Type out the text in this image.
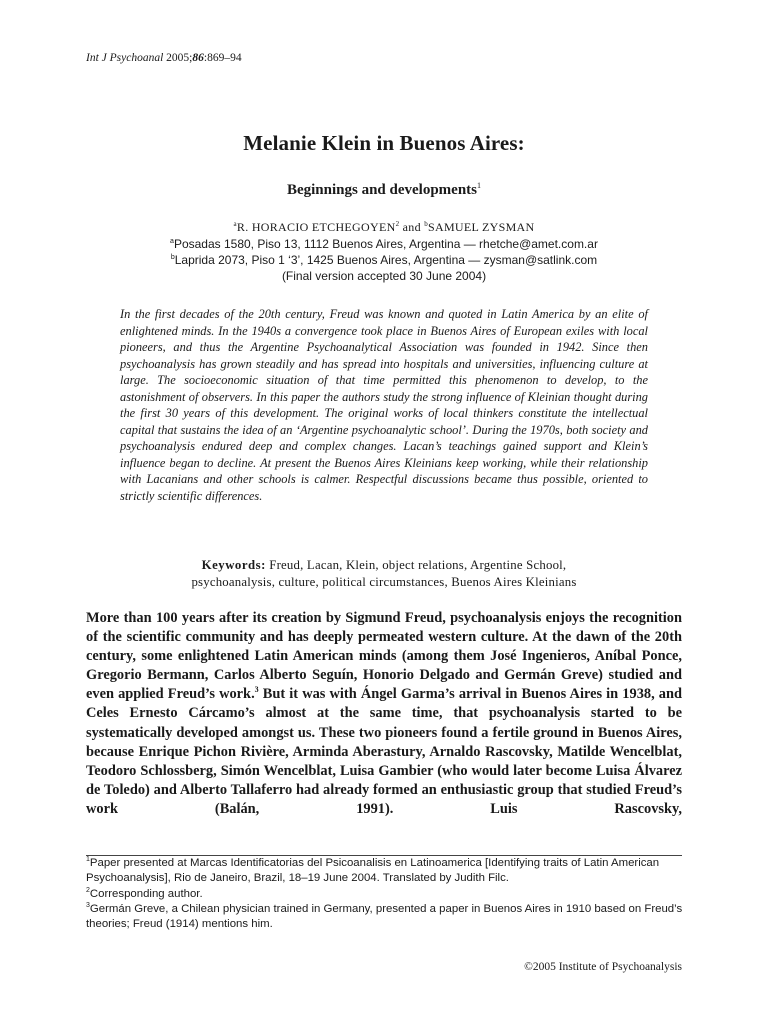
Int J Psychoanal 2005;86:869–94
Melanie Klein in Buenos Aires:
Beginnings and developments$^1$
$^a$R. HORACIO ETCHEGOYEN$^2$ and $^b$SAMUEL ZYSMAN
$^a$Posadas 1580, Piso 13, 1112 Buenos Aires, Argentina — rhetche@amet.com.ar
$^b$Laprida 2073, Piso 1 ‘3’, 1425 Buenos Aires, Argentina — zysman@satlink.com
(Final version accepted 30 June 2004)

In the first decades of the 20th century, Freud was known and quoted in Latin America by an elite of enlightened minds. In the 1940s a convergence took place in Buenos Aires of European exiles with local pioneers, and thus the Argentine Psychoanalytical Association was founded in 1942. Since then psychoanalysis has grown steadily and has spread into hospitals and universities, influencing culture at large. The socioeconomic situation of that time permitted this phenomenon to develop, to the astonishment of observers. In this paper the authors study the strong influence of Kleinian thought during the first 30 years of this development. The original works of local thinkers constitute the intellectual capital that sustains the idea of an ‘Argentine psychoanalytic school’. During the 1970s, both society and psychoanalysis endured deep and complex changes. Lacan’s teachings gained support and Klein’s influence began to decline. At present the Buenos Aires Kleinians keep working, while their relationship with Lacanians and other schools is calmer. Respectful discussions became thus possible, oriented to strictly scientific differences.

Keywords: Freud, Lacan, Klein, object relations, Argentine School,
psychoanalysis, culture, political circumstances, Buenos Aires Kleinians

More than 100 years after its creation by Sigmund Freud, psychoanalysis enjoys the recognition of the scientific community and has deeply permeated western culture. At the dawn of the 20th century, some enlightened Latin American minds (among them José Ingenieros, Aníbal Ponce, Gregorio Bermann, Carlos Alberto Seguín, Honorio Delgado and Germán Greve) studied and even applied Freud’s work.$^3$ But it was with Ángel Garma’s arrival in Buenos Aires in 1938, and Celes Ernesto Cárcamo’s almost at the same time, that psychoanalysis started to be systematically developed amongst us. These two pioneers found a fertile ground in Buenos Aires, because Enrique Pichon Rivière, Arminda Aberastury, Arnaldo Rascovsky, Matilde Wencelblat, Teodoro Schlossberg, Simón Wencelblat, Luisa Gambier (who would later become Luisa Álvarez de Toledo) and Alberto Tallaferro had already formed an enthusiastic group that studied Freud’s work (Balán, 1991). Luis Rascovsky,

$^1$Paper presented at Marcas Identificatorias del Psicoanalisis en Latinoamerica [Identifying traits of Latin American Psychoanalysis], Rio de Janeiro, Brazil, 18–19 June 2004. Translated by Judith Filc.

$^2$Corresponding author.

$^3$Germán Greve, a Chilean physician trained in Germany, presented a paper in Buenos Aires in 1910 based on Freud’s theories; Freud (1914) mentions him.

©2005 Institute of Psychoanalysis
